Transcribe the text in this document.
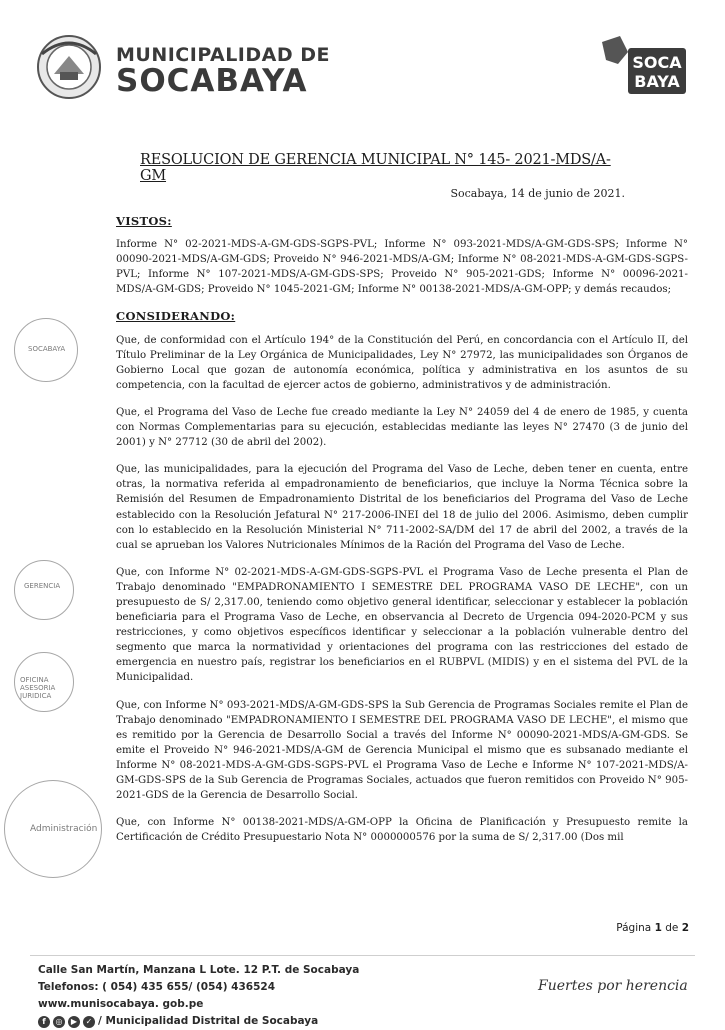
MUNICIPALIDAD DE
SOCABAYA
SOCA
BAYA
RESOLUCION DE GERENCIA MUNICIPAL N° 145- 2021-MDS/A-GM
Socabaya, 14 de junio de 2021.
SOCABAYA
GERENCIA
OFICINA ASESORIA JURIDICA
Administración
VISTOS:

Informe N° 02-2021-MDS-A-GM-GDS-SGPS-PVL; Informe N° 093-2021-MDS/A-GM-GDS-SPS; Informe N° 00090-2021-MDS/A-GM-GDS; Proveido N° 946-2021-MDS/A-GM; Informe N° 08-2021-MDS-A-GM-GDS-SGPS-PVL; Informe N° 107-2021-MDS/A-GM-GDS-SPS; Proveido N° 905-2021-GDS; Informe N° 00096-2021-MDS/A-GM-GDS; Proveido N° 1045-2021-GM; Informe N° 00138-2021-MDS/A-GM-OPP; y demás recaudos;

CONSIDERANDO:

Que, de conformidad con el Artículo 194° de la Constitución del Perú, en concordancia con el Artículo II, del Título Preliminar de la Ley Orgánica de Municipalidades, Ley N° 27972, las municipalidades son Órganos de Gobierno Local que gozan de autonomía económica, política y administrativa en los asuntos de su competencia, con la facultad de ejercer actos de gobierno, administrativos y de administración.

Que, el Programa del Vaso de Leche fue creado mediante la Ley N° 24059 del 4 de enero de 1985, y cuenta con Normas Complementarias para su ejecución, establecidas mediante las leyes N° 27470 (3 de junio del 2001) y N° 27712 (30 de abril del 2002).

Que, las municipalidades, para la ejecución del Programa del Vaso de Leche, deben tener en cuenta, entre otras, la normativa referida al empadronamiento de beneficiarios, que incluye la Norma Técnica sobre la Remisión del Resumen de Empadronamiento Distrital de los beneficiarios del Programa del Vaso de Leche establecido con la Resolución Jefatural N° 217-2006-INEI del 18 de julio del 2006. Asimismo, deben cumplir con lo establecido en la Resolución Ministerial N° 711-2002-SA/DM del 17 de abril del 2002, a través de la cual se aprueban los Valores Nutricionales Mínimos de la Ración del Programa del Vaso de Leche.

Que, con Informe N° 02-2021-MDS-A-GM-GDS-SGPS-PVL el Programa Vaso de Leche presenta el Plan de Trabajo denominado "EMPADRONAMIENTO I SEMESTRE DEL PROGRAMA VASO DE LECHE", con un presupuesto de S/ 2,317.00, teniendo como objetivo general identificar, seleccionar y establecer la población beneficiaria para el Programa Vaso de Leche, en observancia al Decreto de Urgencia 094-2020-PCM y sus restricciones, y como objetivos específicos identificar y seleccionar a la población vulnerable dentro del segmento que marca la normatividad y orientaciones del programa con las restricciones del estado de emergencia en nuestro país, registrar los beneficiarios en el RUBPVL (MIDIS) y en el sistema del PVL de la Municipalidad.

Que, con Informe N° 093-2021-MDS/A-GM-GDS-SPS la Sub Gerencia de Programas Sociales remite el Plan de Trabajo denominado "EMPADRONAMIENTO I SEMESTRE DEL PROGRAMA VASO DE LECHE", el mismo que es remitido por la Gerencia de Desarrollo Social a través del Informe N° 00090-2021-MDS/A-GM-GDS. Se emite el Proveido N° 946-2021-MDS/A-GM de Gerencia Municipal el mismo que es subsanado mediante el Informe N° 08-2021-MDS-A-GM-GDS-SGPS-PVL el Programa Vaso de Leche e Informe N° 107-2021-MDS/A-GM-GDS-SPS de la Sub Gerencia de Programas Sociales, actuados que fueron remitidos con Proveido N° 905-2021-GDS de la Gerencia de Desarrollo Social.

Que, con Informe N° 00138-2021-MDS/A-GM-OPP la Oficina de Planificación y Presupuesto remite la Certificación de Crédito Presupuestario Nota N° 0000000576 por la suma de S/ 2,317.00 (Dos mil

Página 1 de 2
Calle San Martín, Manzana L Lote. 12 P.T. de Socabaya
Telefonos: ( 054) 435 655/ (054) 436524
www.munisocabaya. gob.pe
f	◎	▶	✓ / Municipalidad Distrital de Socabaya
Fuertes por herencia
